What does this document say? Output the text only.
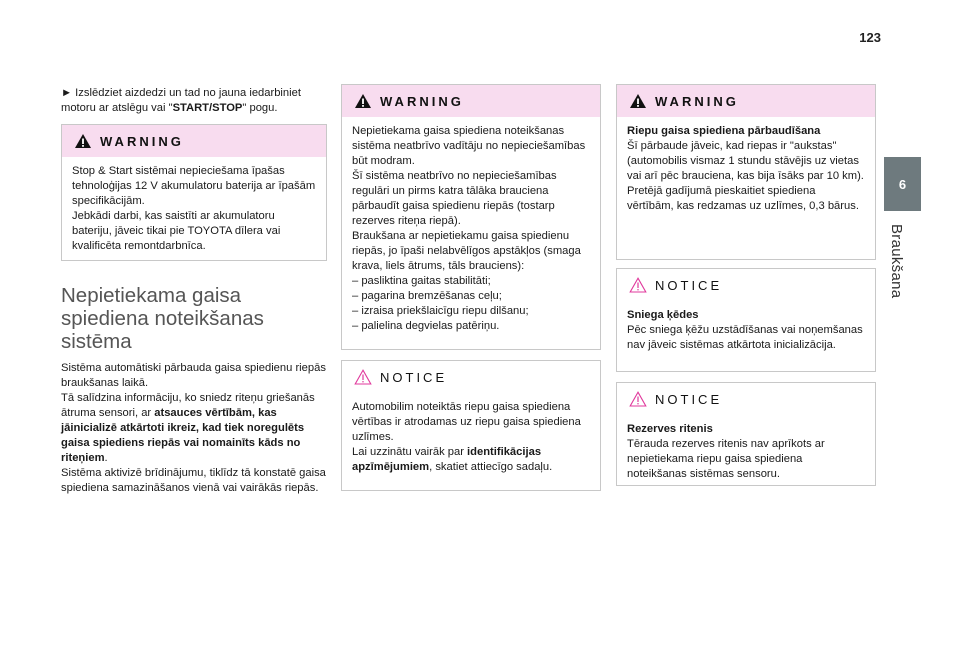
123
6
Braukšana

► Izslēdziet aizdedzi un tad no jauna iedarbiniet motoru ar atslēgu vai "START/STOP" pogu.

WARNING

Stop & Start sistēmai nepieciešama īpašas tehnoloģijas 12 V akumulatoru baterija ar īpašām specifikācijām.

Jebkādi darbi, kas saistīti ar akumulatoru bateriju, jāveic tikai pie TOYOTA dīlera vai kvalificēta remontdarbnīca.

Nepietiekama gaisa spiediena noteikšanas sistēma

Sistēma automātiski pārbauda gaisa spiedienu riepās braukšanas laikā.

Tā salīdzina informāciju, ko sniedz riteņu griešanās ātruma sensori, ar atsauces vērtībām, kas jāinicializē atkārtoti ikreiz, kad tiek noregulēts gaisa spiediens riepās vai nomainīts kāds no riteņiem.

Sistēma aktivizē brīdinājumu, tiklīdz tā konstatē gaisa spiediena samazināšanos vienā vai vairākās riepās.

WARNING

Nepietiekama gaisa spiediena noteikšanas sistēma neatbrīvo vadītāju no nepieciešamības būt modram.

Šī sistēma neatbrīvo no nepieciešamības regulāri un pirms katra tālāka brauciena pārbaudīt gaisa spiedienu riepās (tostarp rezerves riteņa riepā).

Braukšana ar nepietiekamu gaisa spiedienu riepās, jo īpaši nelabvēlīgos apstākļos (smaga krava, liels ātrums, tāls brauciens):

– pasliktina gaitas stabilitāti;

– pagarina bremzēšanas ceļu;

– izraisa priekšlaicīgu riepu dilšanu;

– palielina degvielas patēriņu.

NOTICE

Automobilim noteiktās riepu gaisa spiediena vērtības ir atrodamas uz riepu gaisa spiediena uzlīmes.

Lai uzzinātu vairāk par identifikācijas apzīmējumiem, skatiet attiecīgo sadaļu.

WARNING

Riepu gaisa spiediena pārbaudīšana

Šī pārbaude jāveic, kad riepas ir "aukstas" (automobilis vismaz 1 stundu stāvējis uz vietas vai arī pēc brauciena, kas bija īsāks par 10 km).

Pretējā gadījumā pieskaitiet spiediena vērtībām, kas redzamas uz uzlīmes, 0,3 bārus.

NOTICE

Sniega ķēdes

Pēc sniega ķēžu uzstādīšanas vai noņemšanas nav jāveic sistēmas atkārtota inicializācija.

NOTICE

Rezerves ritenis

Tērauda rezerves ritenis nav aprīkots ar nepietiekama riepu gaisa spiediena noteikšanas sistēmas sensoru.
